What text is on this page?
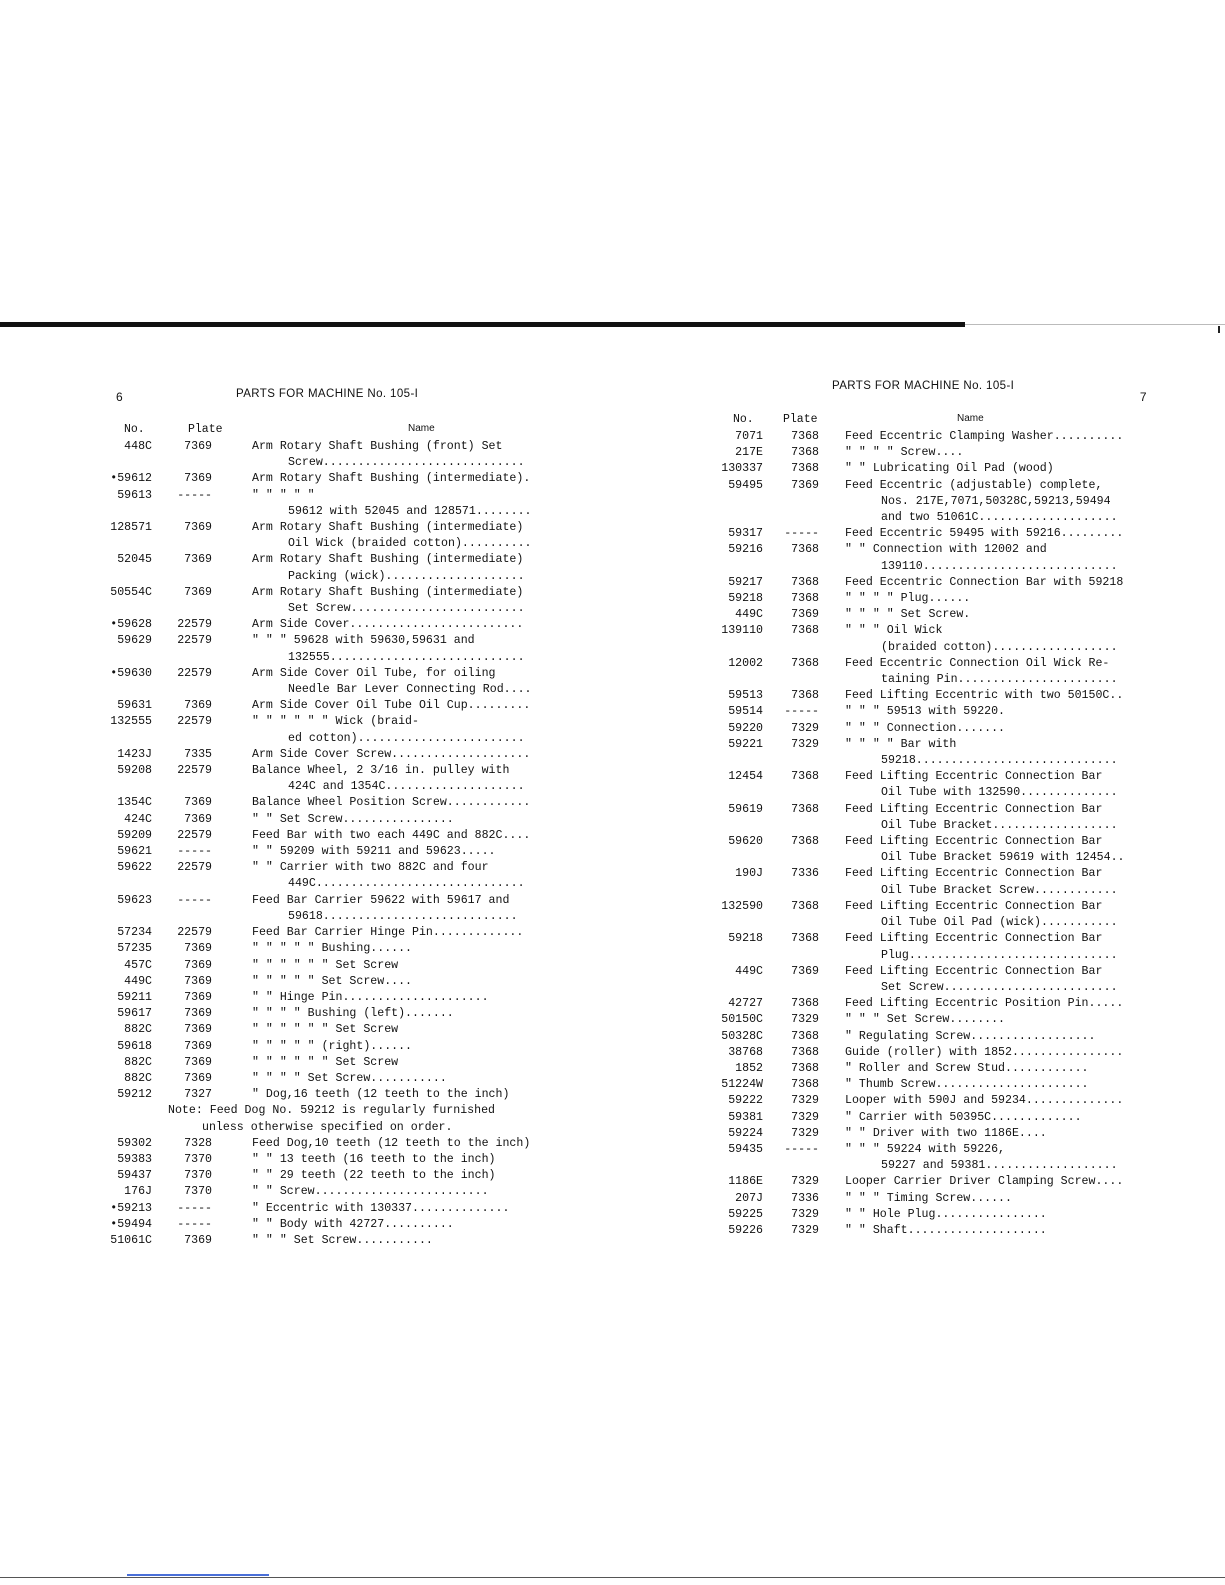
6	PARTS FOR MACHINE No. 105-I
No.	Plate	Name
448C	7369	Arm Rotary Shaft Bushing (front) Set
Screw.............................
•59612	7369	Arm Rotary Shaft Bushing (intermediate).
59613	-----	" " " " "
59612 with 52045 and 128571........
128571	7369	Arm Rotary Shaft Bushing (intermediate)
Oil Wick (braided cotton)..........
52045	7369	Arm Rotary Shaft Bushing (intermediate)
Packing (wick)....................
50554C	7369	Arm Rotary Shaft Bushing (intermediate)
Set Screw.........................
•59628	22579	Arm Side Cover.........................
59629	22579	" " " 59628 with 59630,59631 and
132555............................
•59630	22579	Arm Side Cover Oil Tube, for oiling
Needle Bar Lever Connecting Rod....
59631	7369	Arm Side Cover Oil Tube Oil Cup.........
132555	22579	" " " " " " Wick (braid-
ed cotton)........................
1423J	7335	Arm Side Cover Screw....................
59208	22579	Balance Wheel, 2 3/16 in. pulley with
424C and 1354C....................
1354C	7369	Balance Wheel Position Screw............
424C	7369	" " Set Screw................
59209	22579	Feed Bar with two each 449C and 882C....
59621	-----	" " 59209 with 59211 and 59623.....
59622	22579	" " Carrier with two 882C and four
449C..............................
59623	-----	Feed Bar Carrier 59622 with 59617 and
59618............................
57234	22579	Feed Bar Carrier Hinge Pin.............
57235	7369	" " " " " Bushing......
457C	7369	" " " " " " Set Screw
449C	7369	" " " " " Set Screw....
59211	7369	" " Hinge Pin.....................
59617	7369	" " " " Bushing (left).......
882C	7369	" " " " " " Set Screw
59618	7369	" " " " " (right)......
882C	7369	" " " " " " Set Screw
882C	7369	" " " " Set Screw...........
59212	7327	" Dog,16 teeth (12 teeth to the inch)
Note: Feed Dog No. 59212 is regularly furnished
unless otherwise specified on order.
59302	7328	Feed Dog,10 teeth (12 teeth to the inch)
59383	7370	" " 13 teeth (16 teeth to the inch)
59437	7370	" " 29 teeth (22 teeth to the inch)
176J	7370	" " Screw.........................
•59213	-----	" Eccentric with 130337..............
•59494	-----	" " Body with 42727..........
51061C	7369	" " " Set Screw...........
PARTS FOR MACHINE No. 105-I
7
No.	Plate	Name
7071	7368 Feed Eccentric Clamping Washer..........
217E	7368 " " " " Screw....
130337	7368 " " Lubricating Oil Pad (wood)
59495	7369 Feed Eccentric (adjustable) complete,
Nos. 217E,7071,50328C,59213,59494
and two 51061C....................
59317	----- Feed Eccentric 59495 with 59216.........
59216	7368 " " Connection with 12002 and
139110............................
59217	7368 Feed Eccentric Connection Bar with 59218
59218	7368 " " " " Plug......
449C	7369 " " " " Set Screw.
139110	7368 " " " Oil Wick
(braided cotton)..................
12002	7368 Feed Eccentric Connection Oil Wick Re-
taining Pin.......................
59513	7368 Feed Lifting Eccentric with two 50150C..
59514	----- " " " 59513 with 59220.
59220	7329 " " " Connection.......
59221	7329 " " " " Bar with
59218.............................
12454	7368 Feed Lifting Eccentric Connection Bar
Oil Tube with 132590..............
59619	7368 Feed Lifting Eccentric Connection Bar
Oil Tube Bracket..................
59620	7368 Feed Lifting Eccentric Connection Bar
Oil Tube Bracket 59619 with 12454..
190J	7336 Feed Lifting Eccentric Connection Bar
Oil Tube Bracket Screw............
132590	7368 Feed Lifting Eccentric Connection Bar
Oil Tube Oil Pad (wick)...........
59218	7368 Feed Lifting Eccentric Connection Bar
Plug..............................
449C	7369 Feed Lifting Eccentric Connection Bar
Set Screw.........................
42727	7368 Feed Lifting Eccentric Position Pin.....
50150C	7329 " " " Set Screw........
50328C	7368 " Regulating Screw..................
38768	7368 Guide (roller) with 1852................
1852	7368 " Roller and Screw Stud............
51224W	7368 " Thumb Screw......................
59222	7329 Looper with 590J and 59234..............
59381	7329 " Carrier with 50395C.............
59224	7329 " " Driver with two 1186E....
59435	----- " " " 59224 with 59226,
59227 and 59381...................
1186E	7329 Looper Carrier Driver Clamping Screw....
207J	7336 " " " Timing Screw......
59225	7329 " " Hole Plug................
59226	7329 " " Shaft....................
